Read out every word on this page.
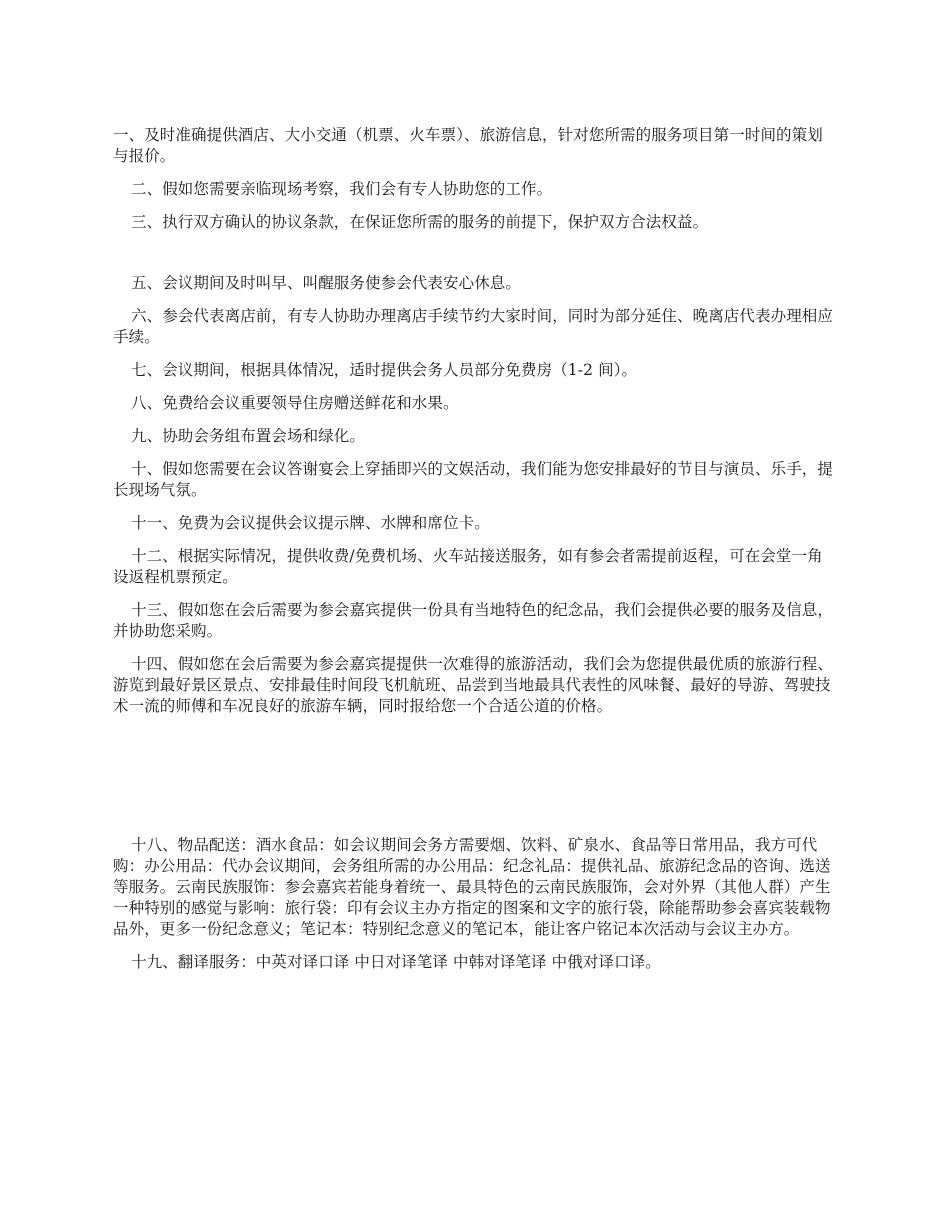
一、及时准确提供酒店、大小交通（机票、火车票）、旅游信息，针对您所需的服务项目第一时间的策划与报价。

二、假如您需要亲临现场考察，我们会有专人协助您的工作。

三、执行双方确认的协议条款，在保证您所需的服务的前提下，保护双方合法权益。

五、会议期间及时叫早、叫醒服务使参会代表安心休息。

六、参会代表离店前，有专人协助办理离店手续节约大家时间，同时为部分延住、晚离店代表办理相应手续。

七、会议期间，根据具体情况，适时提供会务人员部分免费房（1-2 间）。

八、免费给会议重要领导住房赠送鲜花和水果。

九、协助会务组布置会场和绿化。

十、假如您需要在会议答谢宴会上穿插即兴的文娱活动，我们能为您安排最好的节目与演员、乐手，提长现场气氛。

十一、免费为会议提供会议提示牌、水牌和席位卡。

十二、根据实际情况，提供收费/免费机场、火车站接送服务，如有参会者需提前返程，可在会堂一角设返程机票预定。

十三、假如您在会后需要为参会嘉宾提供一份具有当地特色的纪念品，我们会提供必要的服务及信息，并协助您采购。

十四、假如您在会后需要为参会嘉宾提提供一次难得的旅游活动，我们会为您提供最优质的旅游行程、游览到最好景区景点、安排最佳时间段飞机航班、品尝到当地最具代表性的风味餐、最好的导游、驾驶技术一流的师傅和车况良好的旅游车辆，同时报给您一个合适公道的价格。

十八、物品配送：酒水食品：如会议期间会务方需要烟、饮料、矿泉水、食品等日常用品，我方可代购：办公用品：代办会议期间，会务组所需的办公用品：纪念礼品：提供礼品、旅游纪念品的咨询、选送等服务。云南民族服饰：参会嘉宾若能身着统一、最具特色的云南民族服饰，会对外界（其他人群）产生一种特别的感觉与影响：旅行袋：印有会议主办方指定的图案和文字的旅行袋，除能帮助参会喜宾装载物品外，更多一份纪念意义；笔记本：特别纪念意义的笔记本，能让客户铭记本次活动与会议主办方。

十九、翻译服务：中英对译口译 中日对译笔译 中韩对译笔译 中俄对译口译。
